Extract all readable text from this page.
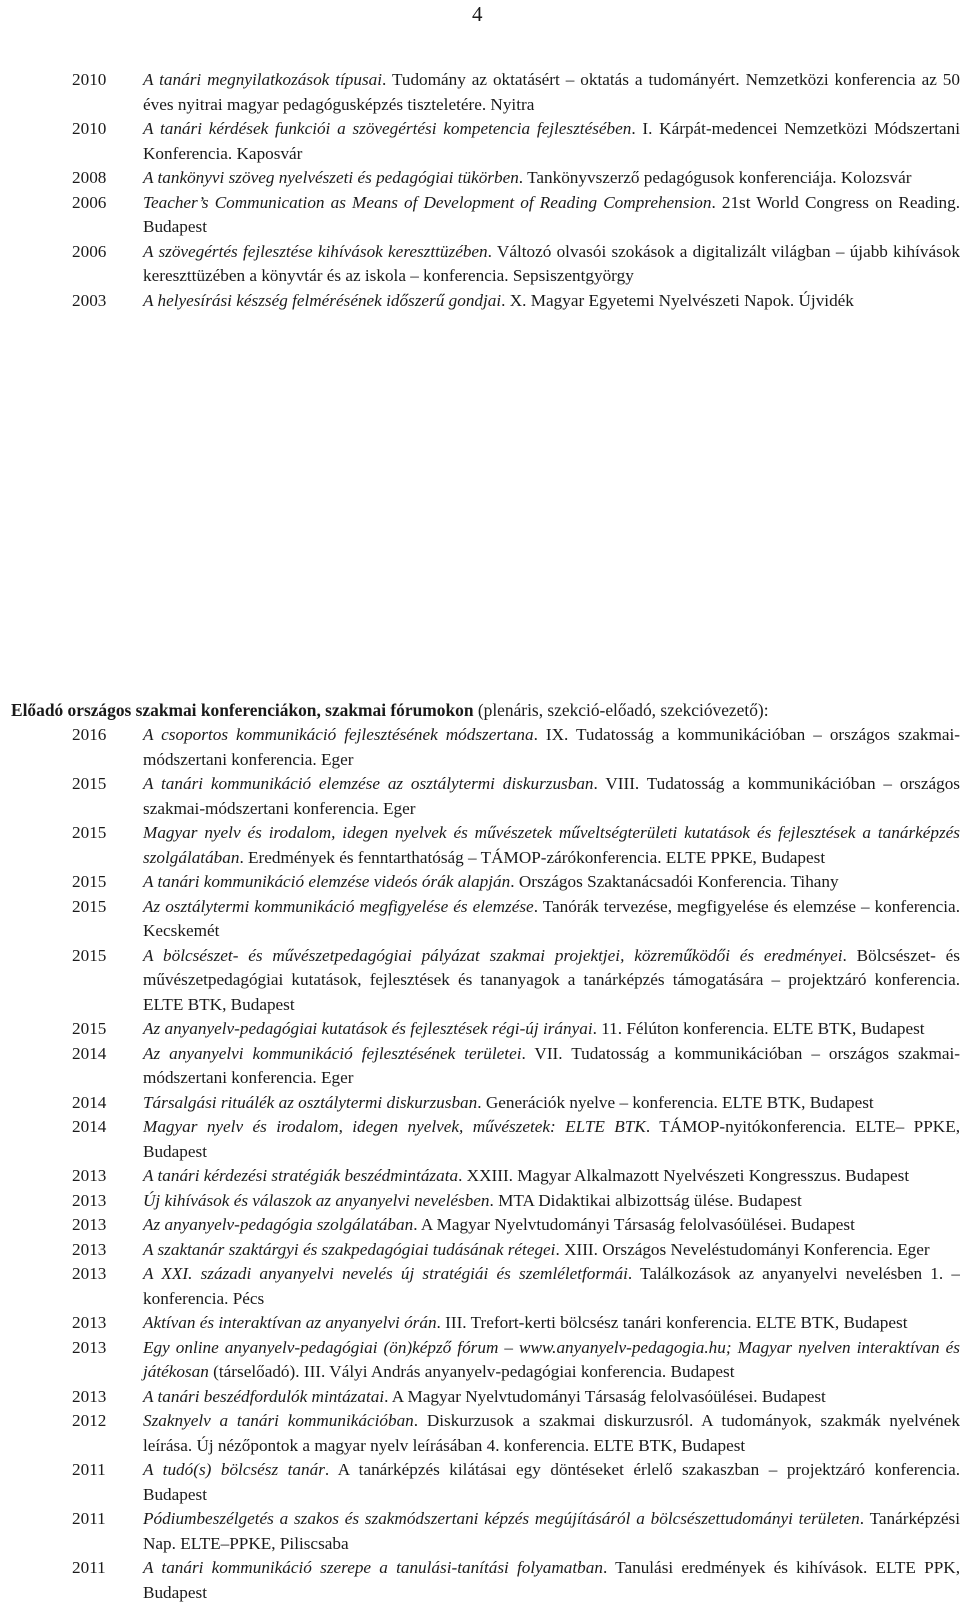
4
2010 A tanári megnyilatkozások típusai. Tudomány az oktatásért – oktatás a tudományért. Nemzetközi konferencia az 50 éves nyitrai magyar pedagógusképzés tiszteletére. Nyitra
2010 A tanári kérdések funkciói a szövegértési kompetencia fejlesztésében. I. Kárpát-medencei Nemzetközi Módszertani Konferencia. Kaposvár
2008 A tankönyvi szöveg nyelvészeti és pedagógiai tükörben. Tankönyvszerző pedagógusok konferenciája. Kolozsvár
2006 Teacher’s Communication as Means of Development of Reading Comprehension. 21st World Congress on Reading. Budapest
2006 A szövegértés fejlesztése kihívások kereszttüzében. Változó olvasói szokások a digitalizált világban – újabb kihívások kereszttüzében a könyvtár és az iskola – konferencia. Sepsiszentgyörgy
2003 A helyesírási készség felmérésének időszerű gondjai. X. Magyar Egyetemi Nyelvészeti Napok. Újvidék
Előadó országos szakmai konferenciákon, szakmai fórumokon (plenáris, szekció-előadó, szekcióvezető):
2016 A csoportos kommunikáció fejlesztésének módszertana. IX. Tudatosság a kommunikációban – országos szakmai-módszertani konferencia. Eger
2015 A tanári kommunikáció elemzése az osztálytermi diskurzusban. VIII. Tudatosság a kommunikációban – országos szakmai-módszertani konferencia. Eger
2015 Magyar nyelv és irodalom, idegen nyelvek és művészetek műveltségterületi kutatások és fejlesztések a tanárképzés szolgálatában. Eredmények és fenntarthatóság – TÁMOP-zárókonferencia. ELTE PPKE, Budapest
2015 A tanári kommunikáció elemzése videós órák alapján. Országos Szaktanácsadói Konferencia. Tihany
2015 Az osztálytermi kommunikáció megfigyelése és elemzése. Tanórák tervezése, megfigyelése és elemzése – konferencia. Kecskemét
2015 A bölcsészet- és művészetpedagógiai pályázat szakmai projektjei, közreműködői és eredményei. Bölcsészet- és művészetpedagógiai kutatások, fejlesztések és tananyagok a tanárképzés támogatására – projektzáró konferencia. ELTE BTK, Budapest
2015 Az anyanyelv-pedagógiai kutatások és fejlesztések régi-új irányai. 11. Félúton konferencia. ELTE BTK, Budapest
2014 Az anyanyelvi kommunikáció fejlesztésének területei. VII. Tudatosság a kommunikációban – országos szakmai-módszertani konferencia. Eger
2014 Társalgási rituálék az osztálytermi diskurzusban. Generációk nyelve – konferencia. ELTE BTK, Budapest
2014 Magyar nyelv és irodalom, idegen nyelvek, művészetek: ELTE BTK. TÁMOP-nyitókonferencia. ELTE– PPKE, Budapest
2013 A tanári kérdezési stratégiák beszédmintázata. XXIII. Magyar Alkalmazott Nyelvészeti Kongresszus. Budapest
2013 Új kihívások és válaszok az anyanyelvi nevelésben. MTA Didaktikai albizottság ülése. Budapest
2013 Az anyanyelv-pedagógia szolgálatában. A Magyar Nyelvtudományi Társaság felolvasóülései. Budapest
2013 A szaktanár szaktárgyi és szakpedagógiai tudásának rétegei. XIII. Országos Neveléstudományi Konferencia. Eger
2013 A XXI. századi anyanyelvi nevelés új stratégiái és szemléletformái. Találkozások az anyanyelvi nevelésben 1. – konferencia. Pécs
2013 Aktívan és interaktívan az anyanyelvi órán. III. Trefort-kerti bölcsész tanári konferencia. ELTE BTK, Budapest
2013 Egy online anyanyelv-pedagógiai (ön)képző fórum – www.anyanyelv-pedagogia.hu; Magyar nyelven interaktívan és játékosan (társelőadó). III. Vályi András anyanyelv-pedagógiai konferencia. Budapest
2013 A tanári beszédfordulók mintázatai. A Magyar Nyelvtudományi Társaság felolvasóülései. Budapest
2012 Szaknyelv a tanári kommunikációban. Diskurzusok a szakmai diskurzusról. A tudományok, szakmák nyelvének leírása. Új nézőpontok a magyar nyelv leírásában 4. konferencia. ELTE BTK, Budapest
2011 A tudó(s) bölcsész tanár. A tanárképzés kilátásai egy döntéseket érlelő szakaszban – projektzáró konferencia. Budapest
2011 Pódiumbeszélgetés a szakos és szakmódszertani képzés megújításáról a bölcsészettudományi területen. Tanárképzési Nap. ELTE–PPKE, Piliscsaba
2011 A tanári kommunikáció szerepe a tanulási-tanítási folyamatban. Tanulási eredmények és kihívások. ELTE PPK, Budapest
